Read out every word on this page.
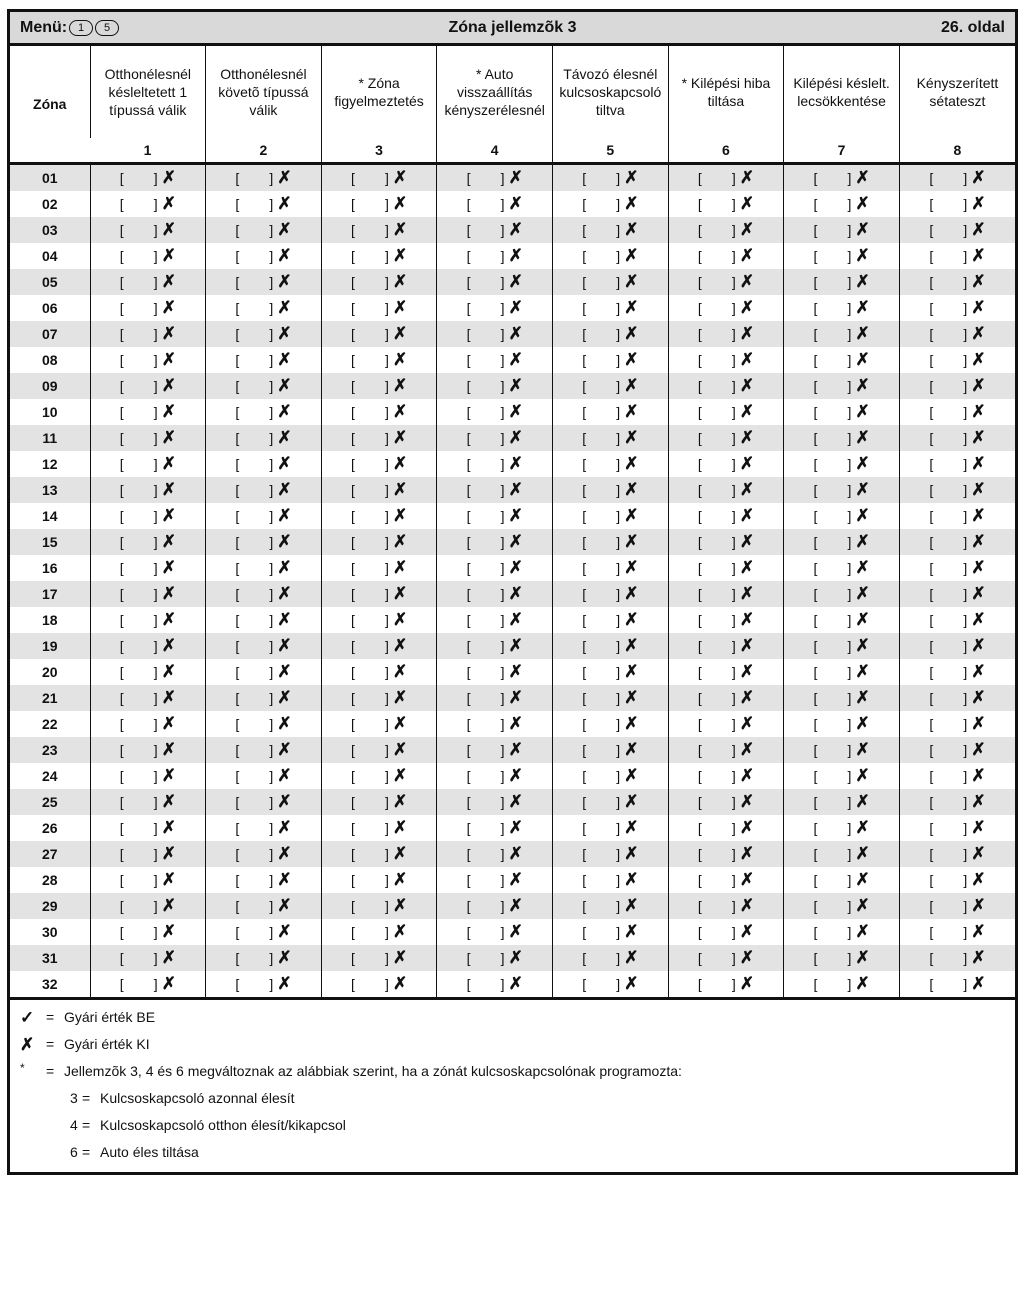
Menü: 1	5	Zóna jellemzõk 3	26. oldal
Zóna	Otthonélesnél késleltetett 1 típussá válik	Otthonélesnél követõ típussá válik	* Zóna figyelmeztetés	* Auto visszaállítás kényszerélesnél	Távozó élesnél kulcsoskapcsoló tiltva	* Kilépési hiba tiltása	Kilépési késlelt. lecsökkentése	Kényszerített sétateszt
	1	2	3	4	5	6	7	8
01	[ ] ✗	[ ] ✗	[ ] ✗	[ ] ✗	[ ] ✗	[ ] ✗	[ ] ✗	[ ] ✗
02	[ ] ✗	[ ] ✗	[ ] ✗	[ ] ✗	[ ] ✗	[ ] ✗	[ ] ✗	[ ] ✗
03	[ ] ✗	[ ] ✗	[ ] ✗	[ ] ✗	[ ] ✗	[ ] ✗	[ ] ✗	[ ] ✗
04	[ ] ✗	[ ] ✗	[ ] ✗	[ ] ✗	[ ] ✗	[ ] ✗	[ ] ✗	[ ] ✗
05	[ ] ✗	[ ] ✗	[ ] ✗	[ ] ✗	[ ] ✗	[ ] ✗	[ ] ✗	[ ] ✗
06	[ ] ✗	[ ] ✗	[ ] ✗	[ ] ✗	[ ] ✗	[ ] ✗	[ ] ✗	[ ] ✗
07	[ ] ✗	[ ] ✗	[ ] ✗	[ ] ✗	[ ] ✗	[ ] ✗	[ ] ✗	[ ] ✗
08	[ ] ✗	[ ] ✗	[ ] ✗	[ ] ✗	[ ] ✗	[ ] ✗	[ ] ✗	[ ] ✗
09	[ ] ✗	[ ] ✗	[ ] ✗	[ ] ✗	[ ] ✗	[ ] ✗	[ ] ✗	[ ] ✗
10	[ ] ✗	[ ] ✗	[ ] ✗	[ ] ✗	[ ] ✗	[ ] ✗	[ ] ✗	[ ] ✗
11	[ ] ✗	[ ] ✗	[ ] ✗	[ ] ✗	[ ] ✗	[ ] ✗	[ ] ✗	[ ] ✗
12	[ ] ✗	[ ] ✗	[ ] ✗	[ ] ✗	[ ] ✗	[ ] ✗	[ ] ✗	[ ] ✗
13	[ ] ✗	[ ] ✗	[ ] ✗	[ ] ✗	[ ] ✗	[ ] ✗	[ ] ✗	[ ] ✗
14	[ ] ✗	[ ] ✗	[ ] ✗	[ ] ✗	[ ] ✗	[ ] ✗	[ ] ✗	[ ] ✗
15	[ ] ✗	[ ] ✗	[ ] ✗	[ ] ✗	[ ] ✗	[ ] ✗	[ ] ✗	[ ] ✗
16	[ ] ✗	[ ] ✗	[ ] ✗	[ ] ✗	[ ] ✗	[ ] ✗	[ ] ✗	[ ] ✗
17	[ ] ✗	[ ] ✗	[ ] ✗	[ ] ✗	[ ] ✗	[ ] ✗	[ ] ✗	[ ] ✗
18	[ ] ✗	[ ] ✗	[ ] ✗	[ ] ✗	[ ] ✗	[ ] ✗	[ ] ✗	[ ] ✗
19	[ ] ✗	[ ] ✗	[ ] ✗	[ ] ✗	[ ] ✗	[ ] ✗	[ ] ✗	[ ] ✗
20	[ ] ✗	[ ] ✗	[ ] ✗	[ ] ✗	[ ] ✗	[ ] ✗	[ ] ✗	[ ] ✗
21	[ ] ✗	[ ] ✗	[ ] ✗	[ ] ✗	[ ] ✗	[ ] ✗	[ ] ✗	[ ] ✗
22	[ ] ✗	[ ] ✗	[ ] ✗	[ ] ✗	[ ] ✗	[ ] ✗	[ ] ✗	[ ] ✗
23	[ ] ✗	[ ] ✗	[ ] ✗	[ ] ✗	[ ] ✗	[ ] ✗	[ ] ✗	[ ] ✗
24	[ ] ✗	[ ] ✗	[ ] ✗	[ ] ✗	[ ] ✗	[ ] ✗	[ ] ✗	[ ] ✗
25	[ ] ✗	[ ] ✗	[ ] ✗	[ ] ✗	[ ] ✗	[ ] ✗	[ ] ✗	[ ] ✗
26	[ ] ✗	[ ] ✗	[ ] ✗	[ ] ✗	[ ] ✗	[ ] ✗	[ ] ✗	[ ] ✗
27	[ ] ✗	[ ] ✗	[ ] ✗	[ ] ✗	[ ] ✗	[ ] ✗	[ ] ✗	[ ] ✗
28	[ ] ✗	[ ] ✗	[ ] ✗	[ ] ✗	[ ] ✗	[ ] ✗	[ ] ✗	[ ] ✗
29	[ ] ✗	[ ] ✗	[ ] ✗	[ ] ✗	[ ] ✗	[ ] ✗	[ ] ✗	[ ] ✗
30	[ ] ✗	[ ] ✗	[ ] ✗	[ ] ✗	[ ] ✗	[ ] ✗	[ ] ✗	[ ] ✗
31	[ ] ✗	[ ] ✗	[ ] ✗	[ ] ✗	[ ] ✗	[ ] ✗	[ ] ✗	[ ] ✗
32	[ ] ✗	[ ] ✗	[ ] ✗	[ ] ✗	[ ] ✗	[ ] ✗	[ ] ✗	[ ] ✗
✓ = Gyári érték BE
✗ = Gyári érték KI
*	= Jellemzõk 3, 4 és 6 megváltoznak az alábbiak szerint, ha a zónát kulcsoskapcsolónak programozta:
3 = Kulcsoskapcsoló azonnal élesít
4 = Kulcsoskapcsoló otthon élesít/kikapcsol
6 = Auto éles tiltása
